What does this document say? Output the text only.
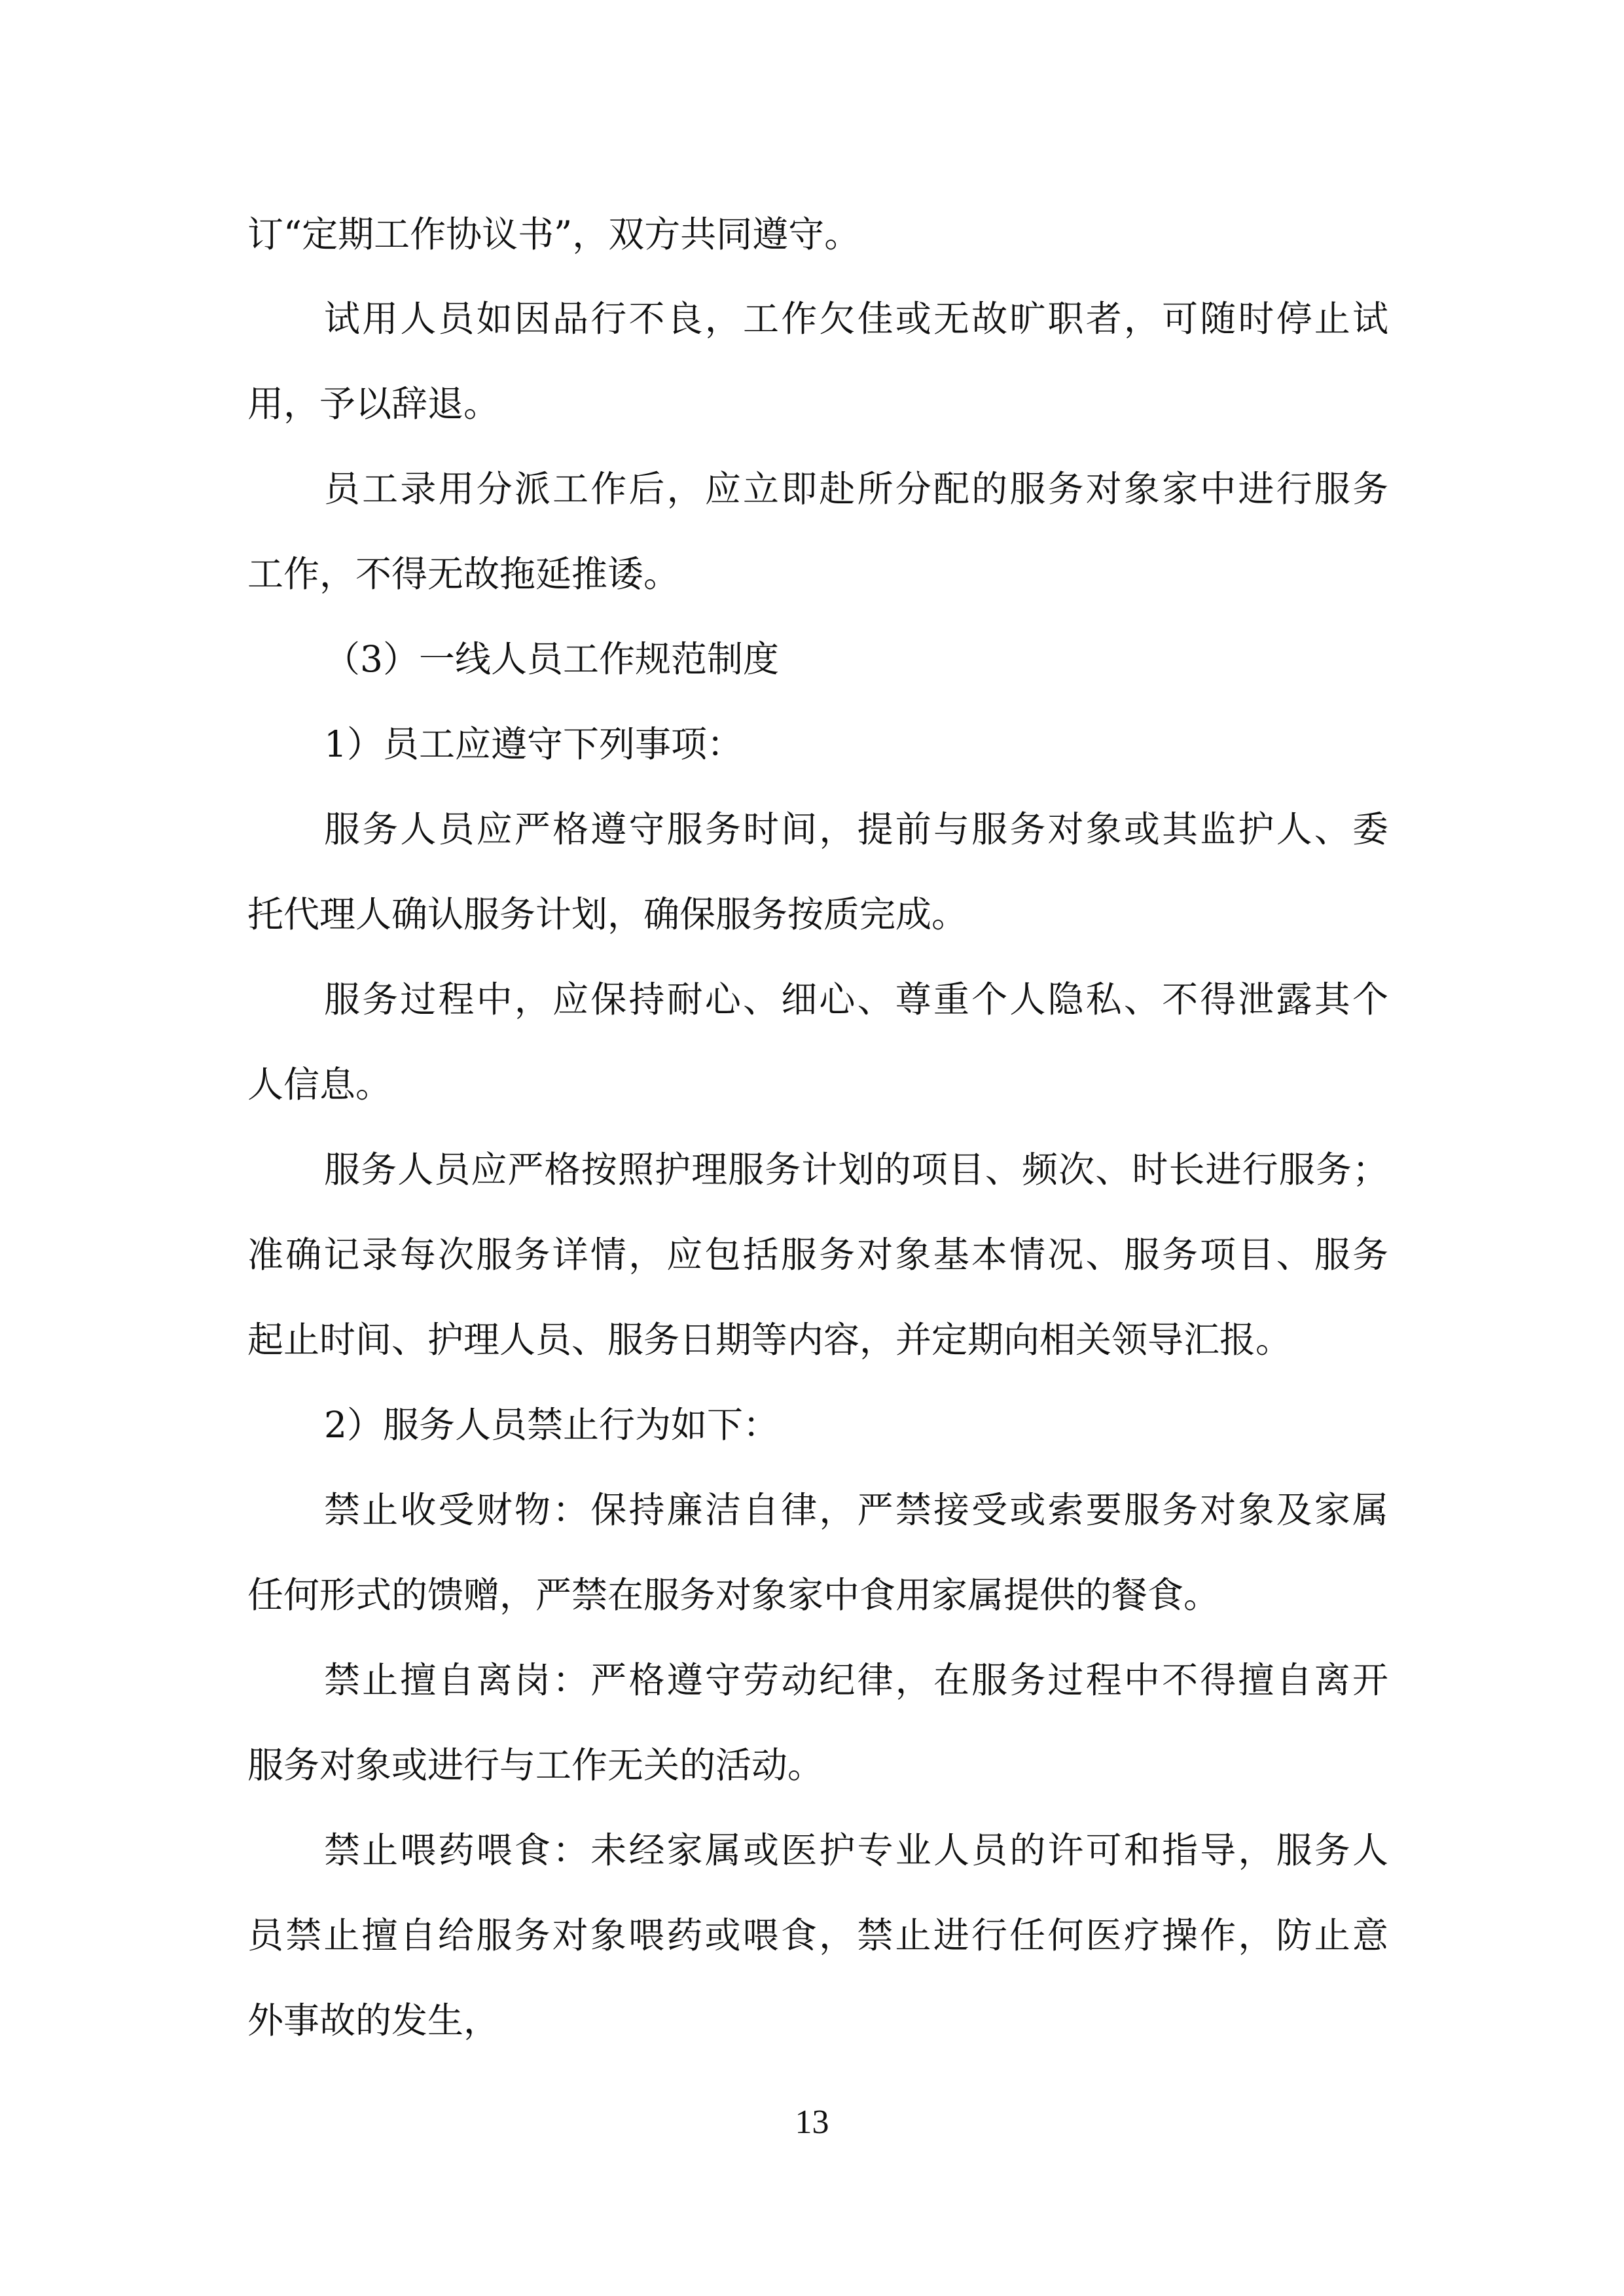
订“定期工作协议书”，双方共同遵守。
试用人员如因品行不良，工作欠佳或无故旷职者，可随时停止试
用，予以辞退。
员工录用分派工作后，应立即赴所分配的服务对象家中进行服务
工作，不得无故拖延推诿。
（3）一线人员工作规范制度
1）员工应遵守下列事项：
服务人员应严格遵守服务时间，提前与服务对象或其监护人、委
托代理人确认服务计划，确保服务按质完成。
服务过程中，应保持耐心、细心、尊重个人隐私、不得泄露其个
人信息。
服务人员应严格按照护理服务计划的项目、频次、时长进行服务；
准确记录每次服务详情，应包括服务对象基本情况、服务项目、服务
起止时间、护理人员、服务日期等内容，并定期向相关领导汇报。
2）服务人员禁止行为如下：
禁止收受财物：保持廉洁自律，严禁接受或索要服务对象及家属
任何形式的馈赠，严禁在服务对象家中食用家属提供的餐食。
禁止擅自离岗：严格遵守劳动纪律，在服务过程中不得擅自离开
服务对象或进行与工作无关的活动。
禁止喂药喂食：未经家属或医护专业人员的许可和指导，服务人
员禁止擅自给服务对象喂药或喂食，禁止进行任何医疗操作，防止意
外事故的发生，
13
